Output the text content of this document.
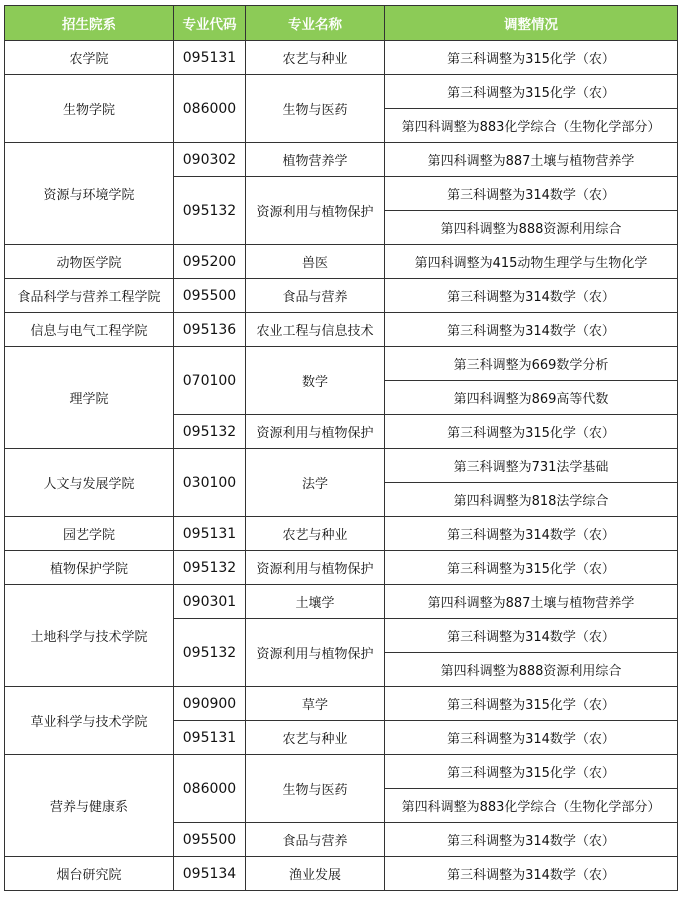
招生院系	专业代码	专业名称	调整情况
农学院	095131	农艺与种业	第三科调整为315化学（农）
生物学院	086000	生物与医药	第三科调整为315化学（农）
			第四科调整为883化学综合（生物化学部分）
资源与环境学院	090302	植物营养学	第四科调整为887土壤与植物营养学
	095132	资源利用与植物保护	第三科调整为314数学（农）
			第四科调整为888资源利用综合
动物医学院	095200	兽医	第四科调整为415动物生理学与生物化学
食品科学与营养工程学院	095500	食品与营养	第三科调整为314数学（农）
信息与电气工程学院	095136	农业工程与信息技术	第三科调整为314数学（农）
理学院	070100	数学	第三科调整为669数学分析
			第四科调整为869高等代数
	095132	资源利用与植物保护	第三科调整为315化学（农）
人文与发展学院	030100	法学	第三科调整为731法学基础
			第四科调整为818法学综合
园艺学院	095131	农艺与种业	第三科调整为314数学（农）
植物保护学院	095132	资源利用与植物保护	第三科调整为315化学（农）
土地科学与技术学院	090301	土壤学	第四科调整为887土壤与植物营养学
	095132	资源利用与植物保护	第三科调整为314数学（农）
			第四科调整为888资源利用综合
草业科学与技术学院	090900	草学	第三科调整为315化学（农）
	095131	农艺与种业	第三科调整为314数学（农）
营养与健康系	086000	生物与医药	第三科调整为315化学（农）
			第四科调整为883化学综合（生物化学部分）
	095500	食品与营养	第三科调整为314数学（农）
烟台研究院	095134	渔业发展	第三科调整为314数学（农）
